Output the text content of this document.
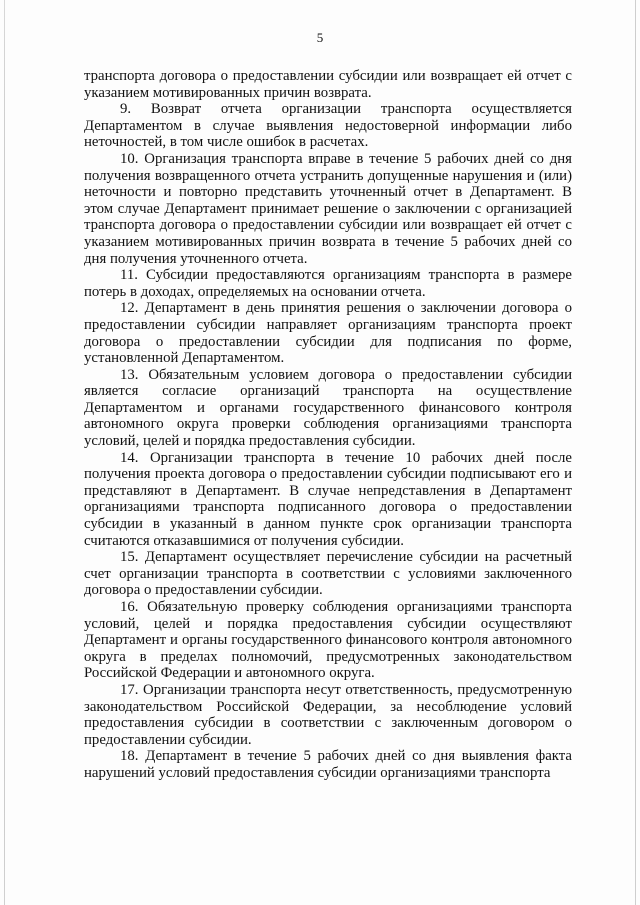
5

транспорта договора о предоставлении субсидии или возвращает ей отчет с указанием мотивированных причин возврата.

9. Возврат отчета организации транспорта осуществляется Департаментом в случае выявления недостоверной информации либо неточностей, в том числе ошибок в расчетах.

10. Организация транспорта вправе в течение 5 рабочих дней со дня получения возвращенного отчета устранить допущенные нарушения и (или) неточности и повторно представить уточненный отчет в Департамент. В этом случае Департамент принимает решение о заключении с организацией транспорта договора о предоставлении субсидии или возвращает ей отчет с указанием мотивированных причин возврата в течение 5 рабочих дней со дня получения уточненного отчета.

11. Субсидии предоставляются организациям транспорта в размере потерь в доходах, определяемых на основании отчета.

12. Департамент в день принятия решения о заключении договора о предоставлении субсидии направляет организациям транспорта проект договора о предоставлении субсидии для подписания по форме, установленной Департаментом.

13. Обязательным условием договора о предоставлении субсидии является согласие организаций транспорта на осуществление Департаментом и органами государственного финансового контроля автономного округа проверки соблюдения организациями транспорта условий, целей и порядка предоставления субсидии.

14. Организации транспорта в течение 10 рабочих дней после получения проекта договора о предоставлении субсидии подписывают его и представляют в Департамент. В случае непредставления в Департамент организациями транспорта подписанного договора о предоставлении субсидии в указанный в данном пункте срок организации транспорта считаются отказавшимися от получения субсидии.

15. Департамент осуществляет перечисление субсидии на расчетный счет организации транспорта в соответствии с условиями заключенного договора о предоставлении субсидии.

16. Обязательную проверку соблюдения организациями транспорта условий, целей и порядка предоставления субсидии осуществляют Департамент и органы государственного финансового контроля автономного округа в пределах полномочий, предусмотренных законодательством Российской Федерации и автономного округа.

17. Организации транспорта несут ответственность, предусмотренную законодательством Российской Федерации, за несоблюдение условий предоставления субсидии в соответствии с заключенным договором о предоставлении субсидии.

18. Департамент в течение 5 рабочих дней со дня выявления факта нарушений условий предоставления субсидии организациями транспорта
